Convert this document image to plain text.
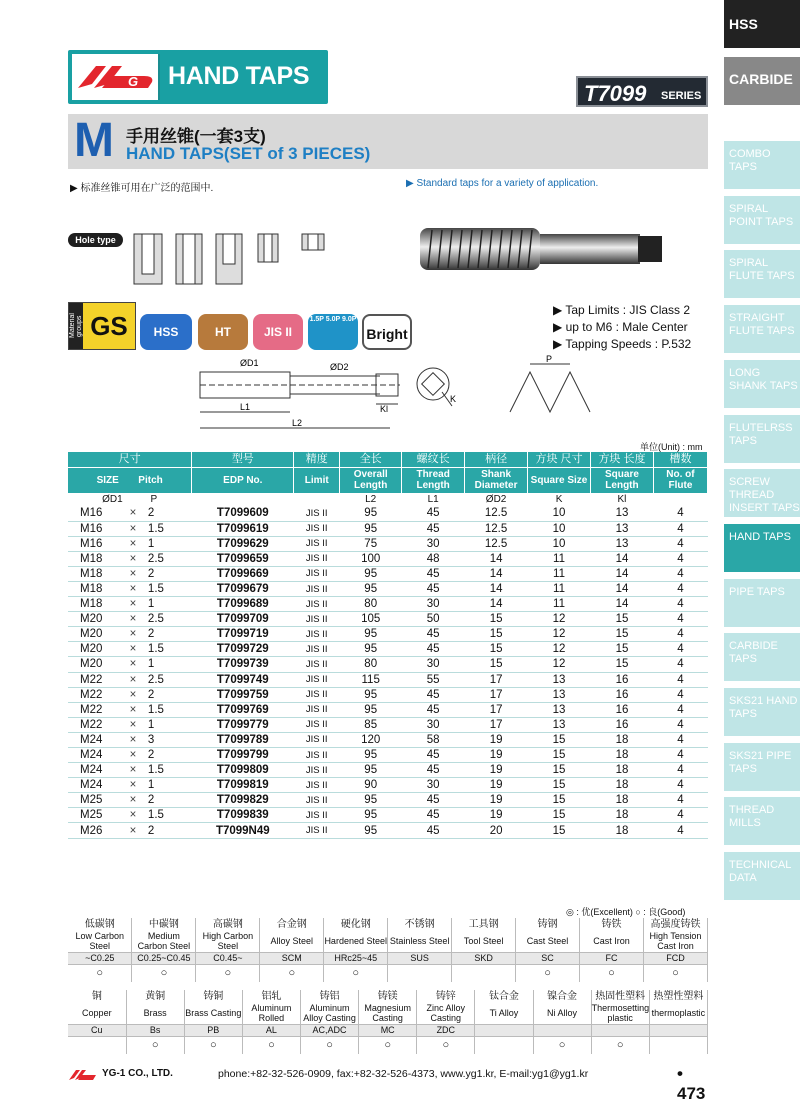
HSS
CARBIDE
COMBO TAPS
SPIRAL POINT TAPS
SPIRAL FLUTE TAPS
STRAIGHT FLUTE TAPS
LONG SHANK TAPS
FLUTELRSS TAPS
SCREW THREAD INSERT TAPS
HAND TAPS
PIPE TAPS
CARBIDE TAPS
SKS21 HAND TAPS
SKS21 PIPE TAPS
THREAD MILLS
TECHNICAL DATA
G HAND TAPS
T7099 SERIES
M 手用丝锥(一套3支)
HAND TAPS(SET of 3 PIECES)
▶ 标准丝锥可用在广泛的范围中.	▶ Standard taps for a variety of application.
Hole type
Material groups GS	HSS	HT	JIS II
1.5P 5.0P 9.0P
Bright
▶ Tap Limits : JIS Class 2
▶ up to M6 : Male Center
▶ Tapping Speeds : P.532
ØD1	ØD2
L1
L2
Kl
K
P
单位(Unit) : mm
尺寸			型号	精度	全长	螺纹长	柄径	方块 尺寸	方块 长度	槽数
SIZE Pitch			EDP No.	Limit	Overall Length	Thread Length	Shank Diameter	Square Size	Square Length	No. of Flute
ØD1 P					L2	L1	ØD2	K	Kl	
M16	×	2	T7099609	JIS II	95	45	12.5	10	13	4
M16	×	1.5	T7099619	JIS II	95	45	12.5	10	13	4
M16	×	1	T7099629	JIS II	75	30	12.5	10	13	4
M18	×	2.5	T7099659	JIS II	100	48	14	11	14	4
M18	×	2	T7099669	JIS II	95	45	14	11	14	4
M18	×	1.5	T7099679	JIS II	95	45	14	11	14	4
M18	×	1	T7099689	JIS II	80	30	14	11	14	4
M20	×	2.5	T7099709	JIS II	105	50	15	12	15	4
M20	×	2	T7099719	JIS II	95	45	15	12	15	4
M20	×	1.5	T7099729	JIS II	95	45	15	12	15	4
M20	×	1	T7099739	JIS II	80	30	15	12	15	4
M22	×	2.5	T7099749	JIS II	115	55	17	13	16	4
M22	×	2	T7099759	JIS II	95	45	17	13	16	4
M22	×	1.5	T7099769	JIS II	95	45	17	13	16	4
M22	×	1	T7099779	JIS II	85	30	17	13	16	4
M24	×	3	T7099789	JIS II	120	58	19	15	18	4
M24	×	2	T7099799	JIS II	95	45	19	15	18	4
M24	×	1.5	T7099809	JIS II	95	45	19	15	18	4
M24	×	1	T7099819	JIS II	90	30	19	15	18	4
M25	×	2	T7099829	JIS II	95	45	19	15	18	4
M25	×	1.5	T7099839	JIS II	95	45	19	15	18	4
M26	×	2	T7099N49	JIS II	95	45	20	15	18	4
◎ : 优(Excellent) ○ : 良(Good)
低碳钢	中碳钢	高碳钢	合金钢	硬化钢	不锈钢	工具钢	铸钢	铸铁	高强度铸铁
Low Carbon Steel	Medium Carbon Steel	High Carbon Steel	Alloy Steel	Hardened Steel	Stainless Steel	Tool Steel	Cast Steel	Cast Iron	High Tension Cast Iron
~C0.25	C0.25~C0.45	C0.45~	SCM	HRc25~45	SUS	SKD	SC	FC	FCD
○	○	○	○	○			○	○	○
铜	黄铜	铸铜	铝轧	铸铝	铸镁	铸锌	钛合金	镍合金	热固性塑料	热塑性塑料
Copper	Brass	Brass Casting	Aluminum Rolled	Aluminum Alloy Casting	Magnesium Casting	Zinc Alloy Casting	Ti Alloy	Ni Alloy	Thermosetting plastic	thermoplastic
Cu	Bs	PB	AL	AC,ADC	MC	ZDC				
	○	○	○	○	○	○		○	○	
YG-1 CO., LTD.	phone:+82-32-526-0909, fax:+82-32-526-4373, www.yg1.kr, E-mail:yg1@yg1.kr	• 473
